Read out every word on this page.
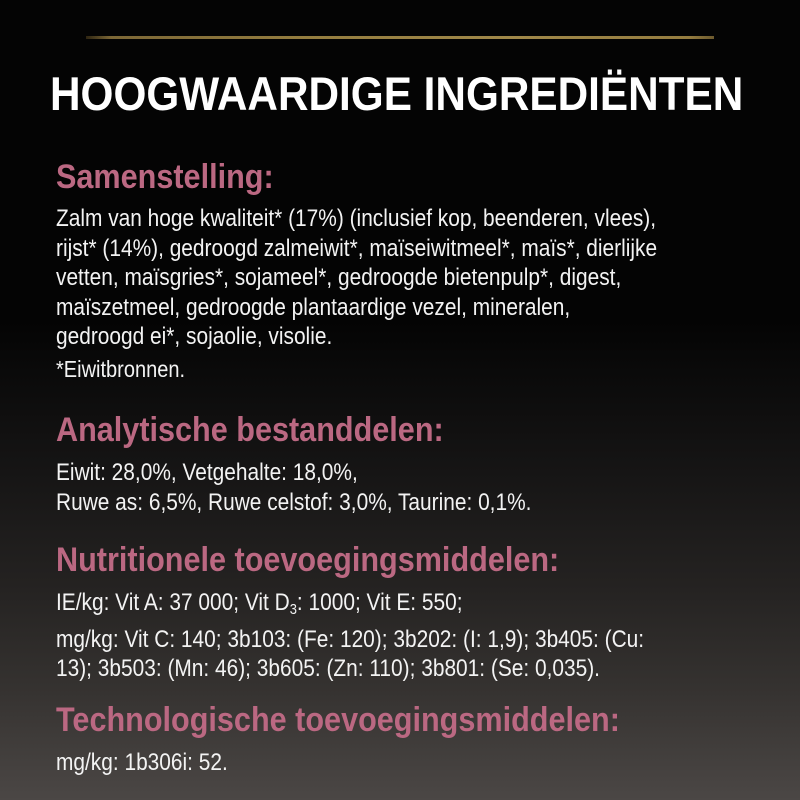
HOOGWAARDIGE INGREDIËNTEN
Samenstelling:
Zalm van hoge kwaliteit* (17%) (inclusief kop, beenderen, vlees),
rijst* (14%), gedroogd zalmeiwit*, maïseiwitmeel*, maïs*, dierlijke
vetten, maïsgries*, sojameel*, gedroogde bietenpulp*, digest,
maïszetmeel, gedroogde plantaardige vezel, mineralen,
gedroogd ei*, sojaolie, visolie.
*Eiwitbronnen.
Analytische bestanddelen:
Eiwit: 28,0%, Vetgehalte: 18,0%,
Ruwe as: 6,5%, Ruwe celstof: 3,0%, Taurine: 0,1%.
Nutritionele toevoegingsmiddelen:
IE/kg: Vit A: 37 000; Vit D3: 1000; Vit E: 550;
mg/kg: Vit C: 140; 3b103: (Fe: 120); 3b202: (I: 1,9); 3b405: (Cu:
13); 3b503: (Mn: 46); 3b605: (Zn: 110); 3b801: (Se: 0,035).
Technologische toevoegingsmiddelen:
mg/kg: 1b306i: 52.
